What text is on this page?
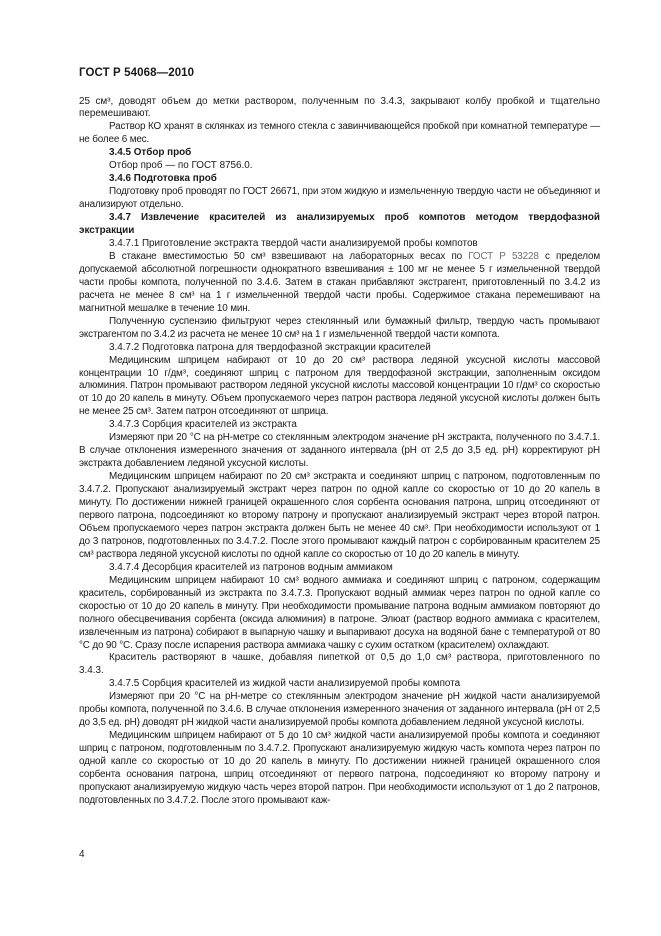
ГОСТ Р 54068—2010

25 см³, доводят объем до метки раствором, полученным по 3.4.3, закрывают колбу пробкой и тщательно перемешивают.

Раствор КО хранят в склянках из темного стекла с завинчивающейся пробкой при комнатной температуре — не более 6 мес.

3.4.5 Отбор проб

Отбор проб — по ГОСТ 8756.0.

3.4.6 Подготовка проб

Подготовку проб проводят по ГОСТ 26671, при этом жидкую и измельченную твердую части не объединяют и анализируют отдельно.

3.4.7 Извлечение красителей из анализируемых проб компотов методом твердофазной экстракции

3.4.7.1 Приготовление экстракта твердой части анализируемой пробы компотов

В стакане вместимостью 50 см³ взвешивают на лабораторных весах по ГОСТ Р 53228 с пределом допускаемой абсолютной погрешности однократного взвешивания ± 100 мг не менее 5 г измельченной твердой части пробы компота, полученной по 3.4.6. Затем в стакан прибавляют экстрагент, приготовленный по 3.4.2 из расчета не менее 8 см³ на 1 г измельченной твердой части пробы. Содержимое стакана перемешивают на магнитной мешалке в течение 10 мин.

Полученную суспензию фильтруют через стеклянный или бумажный фильтр, твердую часть промывают экстрагентом по 3.4.2 из расчета не менее 10 см³ на 1 г измельченной твердой части компота.

3.4.7.2 Подготовка патрона для твердофазной экстракции красителей

Медицинским шприцем набирают от 10 до 20 см³ раствора ледяной уксусной кислоты массовой концентрации 10 г/дм³, соединяют шприц с патроном для твердофазной экстракции, заполненным оксидом алюминия. Патрон промывают раствором ледяной уксусной кислоты массовой концентрации 10 г/дм³ со скоростью от 10 до 20 капель в минуту. Объем пропускаемого через патрон раствора ледяной уксусной кислоты должен быть не менее 25 см³. Затем патрон отсоединяют от шприца.

3.4.7.3 Сорбция красителей из экстракта

Измеряют при 20 °С на рН-метре со стеклянным электродом значение рН экстракта, полученного по 3.4.7.1. В случае отклонения измеренного значения от заданного интервала (рН от 2,5 до 3,5 ед. рН) корректируют рН экстракта добавлением ледяной уксусной кислоты.

Медицинским шприцем набирают по 20 см³ экстракта и соединяют шприц с патроном, подготовленным по 3.4.7.2. Пропускают анализируемый экстракт через патрон по одной капле со скоростью от 10 до 20 капель в минуту. По достижении нижней границей окрашенного слоя сорбента основания патрона, шприц отсоединяют от первого патрона, подсоединяют ко второму патрону и пропускают анализируемый экстракт через второй патрон. Объем пропускаемого через патрон экстракта должен быть не менее 40 см³. При необходимости используют от 1 до 3 патронов, подготовленных по 3.4.7.2. После этого промывают каждый патрон с сорбированным красителем 25 см³ раствора ледяной уксусной кислоты по одной капле со скоростью от 10 до 20 капель в минуту.

3.4.7.4 Десорбция красителей из патронов водным аммиаком

Медицинским шприцем набирают 10 см³ водного аммиака и соединяют шприц с патроном, содержащим краситель, сорбированный из экстракта по 3.4.7.3. Пропускают водный аммиак через патрон по одной капле со скоростью от 10 до 20 капель в минуту. При необходимости промывание патрона водным аммиаком повторяют до полного обесцвечивания сорбента (оксида алюминия) в патроне. Элюат (раствор водного аммиака с красителем, извлеченным из патрона) собирают в выпарную чашку и выпаривают досуха на водяной бане с температурой от 80 °С до 90 °С. Сразу после испарения раствора аммиака чашку с сухим остатком (красителем) охлаждают.

Краситель растворяют в чашке, добавляя пипеткой от 0,5 до 1,0 см³ раствора, приготовленного по 3.4.3.

3.4.7.5 Сорбция красителей из жидкой части анализируемой пробы компота

Измеряют при 20 °С на рН-метре со стеклянным электродом значение рН жидкой части анализируемой пробы компота, полученной по 3.4.6. В случае отклонения измеренного значения от заданного интервала (рН от 2,5 до 3,5 ед. рН) доводят рН жидкой части анализируемой пробы компота добавлением ледяной уксусной кислоты.

Медицинским шприцем набирают от 5 до 10 см³ жидкой части анализируемой пробы компота и соединяют шприц с патроном, подготовленным по 3.4.7.2. Пропускают анализируемую жидкую часть компота через патрон по одной капле со скоростью от 10 до 20 капель в минуту. По достижении нижней границей окрашенного слоя сорбента основания патрона, шприц отсоединяют от первого патрона, подсоединяют ко второму патрону и пропускают анализируемую жидкую часть через второй патрон. При необходимости используют от 1 до 2 патронов, подготовленных по 3.4.7.2. После этого промывают каж-

4
